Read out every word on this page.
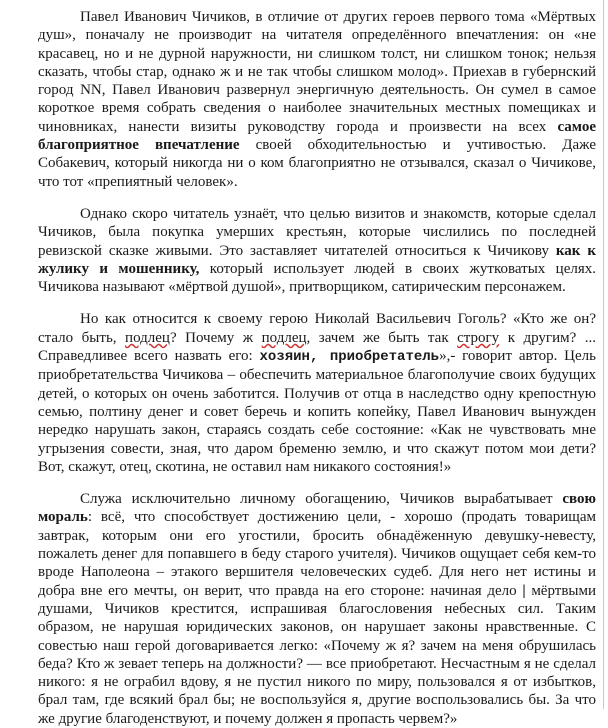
Павел Иванович Чичиков, в отличие от других героев первого тома «Мёртвых душ», поначалу не производит на читателя определённого впечатления: он «не красавец, но и не дурной наружности, ни слишком толст, ни слишком тонок; нельзя сказать, чтобы стар, однако ж и не так чтобы слишком молод». Приехав в губернский город NN, Павел Иванович развернул энергичную деятельность. Он сумел в самое короткое время собрать сведения о наиболее значительных местных помещиках и чиновниках, нанести визиты руководству города и произвести на всех самое благоприятное впечатление своей обходительностью и учтивостью. Даже Собакевич, который никогда ни о ком благоприятно не отзывался, сказал о Чичикове, что тот «препиятный человек».

Однако скоро читатель узнаёт, что целью визитов и знакомств, которые сделал Чичиков, была покупка умерших крестьян, которые числились по последней ревизской сказке живыми. Это заставляет читателей относиться к Чичикову как к жулику и мошеннику, который использует людей в своих жутковатых целях. Чичикова называют «мёртвой душой», притворщиком, сатирическим персонажем.

Но как относится к своему герою Николай Васильевич Гоголь? «Кто же он? стало быть, подлец? Почему ж подлец, зачем же быть так строгу к другим? ... Справедливее всего назвать его: хозяин, приобретатель»,- говорит автор. Цель приобретательства Чичикова – обеспечить материальное благополучие своих будущих детей, о которых он очень заботится. Получив от отца в наследство одну крепостную семью, полтину денег и совет беречь и копить копейку, Павел Иванович вынужден нередко нарушать закон, стараясь создать себе состояние: «Как не чувствовать мне угрызения совести, зная, что даром бременю землю, и что скажут потом мои дети? Вот, скажут, отец, скотина, не оставил нам никакого состояния!»

Служа исключительно личному обогащению, Чичиков вырабатывает свою мораль: всё, что способствует достижению цели, - хорошо (продать товарищам завтрак, которым они его угостили, бросить обнадёженную девушку-невесту, пожалеть денег для попавшего в беду старого учителя). Чичиков ощущает себя кем-то вроде Наполеона – этакого вершителя человеческих судеб. Для него нет истины и добра вне его мечты, он верит, что правда на его стороне: начиная дело | мёртвыми душами, Чичиков крестится, испрашивая благословения небесных сил. Таким образом, не нарушая юридических законов, он нарушает законы нравственные. С совестью наш герой договаривается легко: «Почему ж я? зачем на меня обрушилась беда? Кто ж зевает теперь на должности? — все приобретают. Несчастным я не сделал никого: я не ограбил вдову, я не пустил никого по миру, пользовался я от избытков, брал там, где всякий брал бы; не воспользуйся я, другие воспользовались бы. За что же другие благоденствуют, и почему должен я пропасть червем?»
